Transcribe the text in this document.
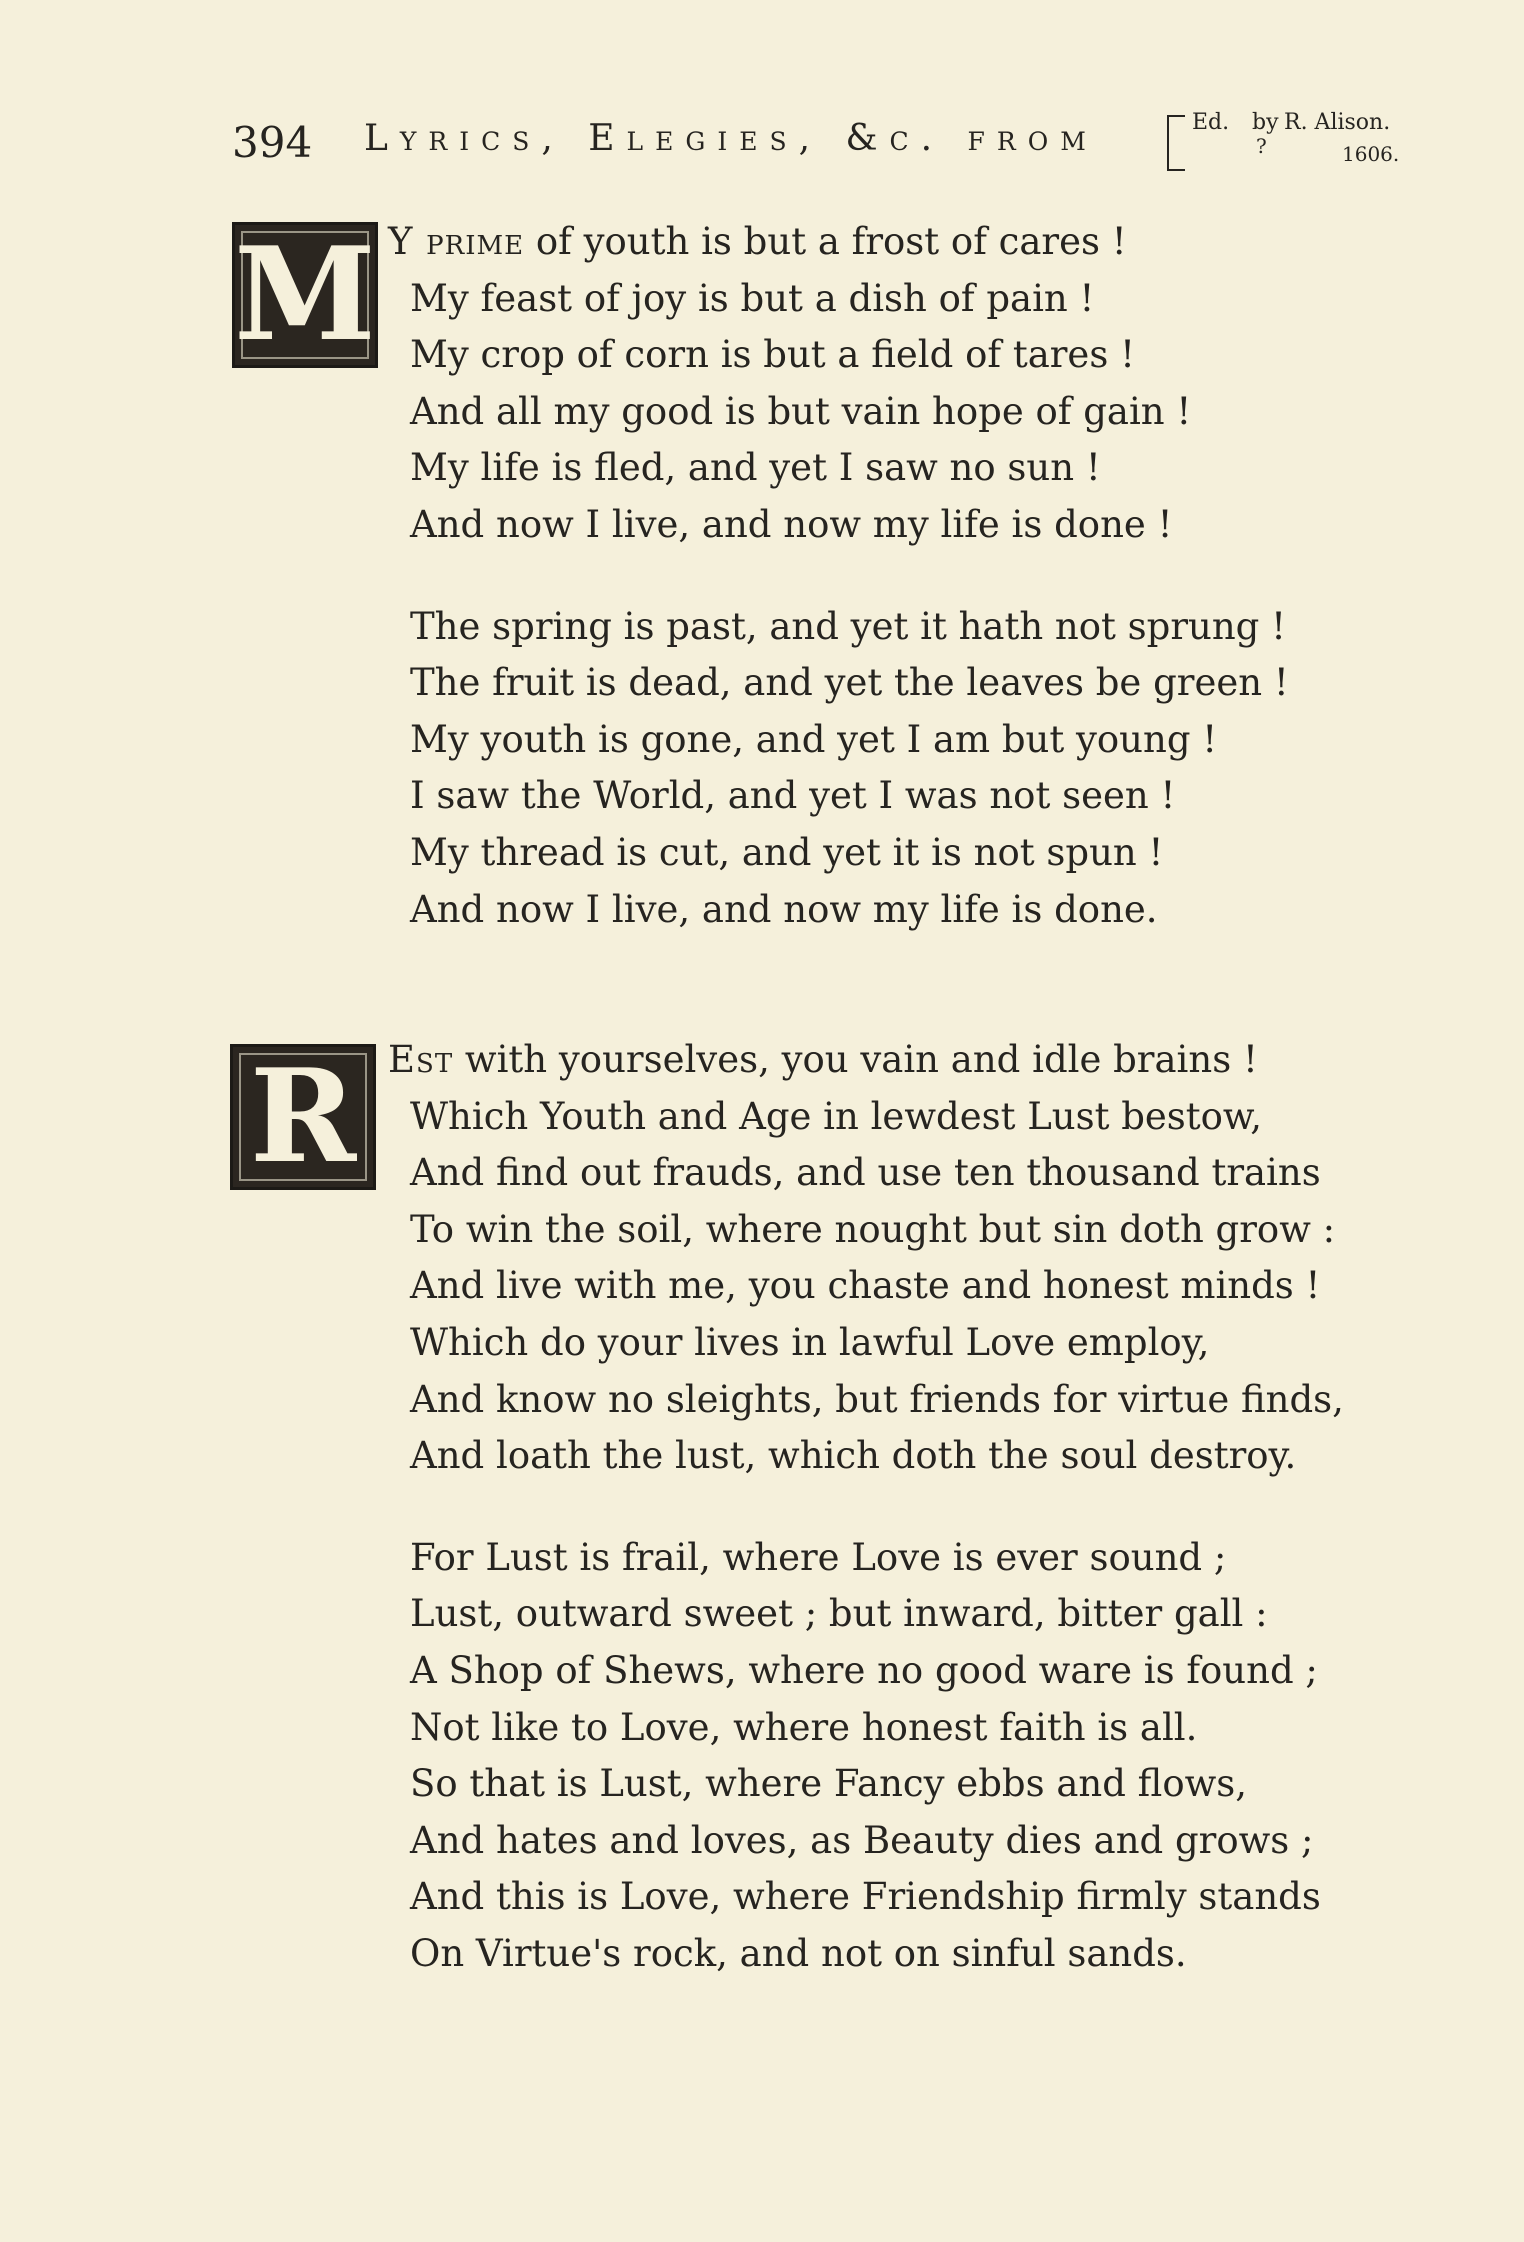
394 Lyrics, Elegies, &c. from	Ed. by
?
R. Alison.
1606.
M Y prime of youth is but a frost of cares !
My feast of joy is but a dish of pain !
My crop of corn is but a field of tares !
And all my good is but vain hope of gain !
My life is fled, and yet I saw no sun !
And now I live, and now my life is done !
The spring is past, and yet it hath not sprung !
The fruit is dead, and yet the leaves be green !
My youth is gone, and yet I am but young !
I saw the World, and yet I was not seen !
My thread is cut, and yet it is not spun !
And now I live, and now my life is done.
R Est with yourselves, you vain and idle brains !
Which Youth and Age in lewdest Lust bestow,
And find out frauds, and use ten thousand trains
To win the soil, where nought but sin doth grow :
And live with me, you chaste and honest minds !
Which do your lives in lawful Love employ,
And know no sleights, but friends for virtue finds,
And loath the lust, which doth the soul destroy.
For Lust is frail, where Love is ever sound ;
Lust, outward sweet ; but inward, bitter gall :
A Shop of Shews, where no good ware is found ;
Not like to Love, where honest faith is all.
So that is Lust, where Fancy ebbs and flows,
And hates and loves, as Beauty dies and grows ;
And this is Love, where Friendship firmly stands
On Virtue's rock, and not on sinful sands.
